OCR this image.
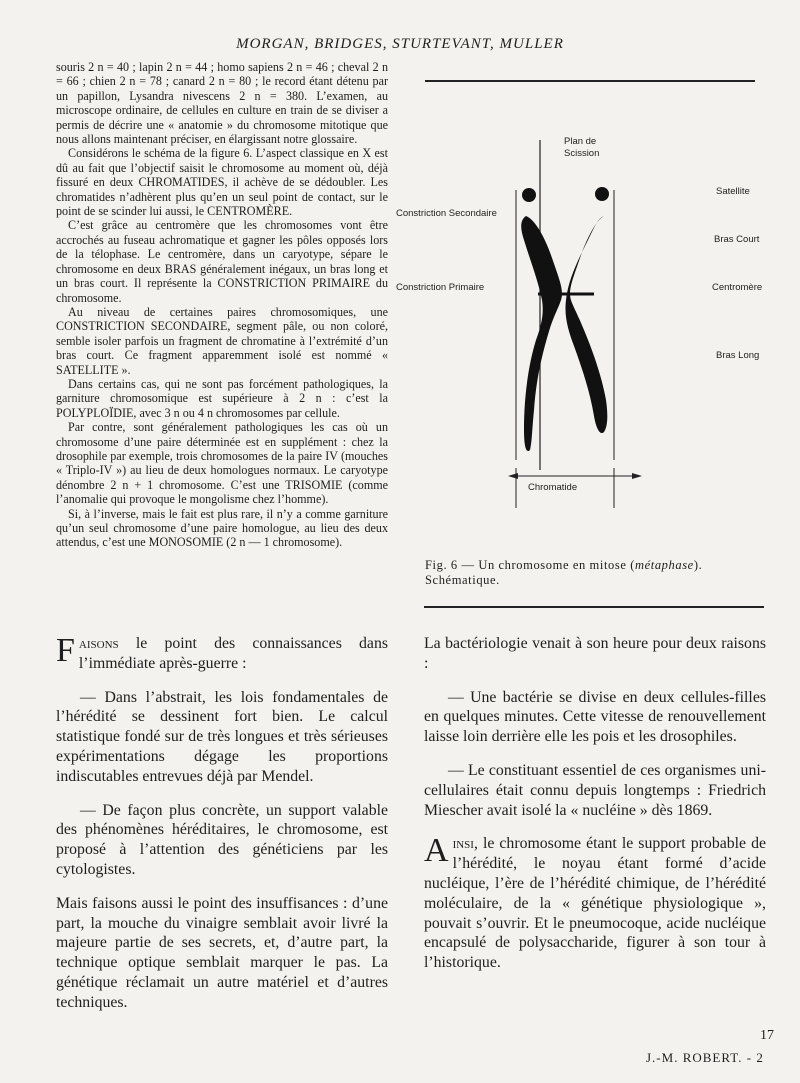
MORGAN, BRIDGES, STURTEVANT, MULLER

souris 2 n = 40 ; lapin 2 n = 44 ; homo sapiens 2 n = 46 ; cheval 2 n = 66 ; chien 2 n = 78 ; canard 2 n = 80 ; le record étant détenu par un papillon, Lysandra nivescens 2 n = 380. L’examen, au microscope ordinaire, de cellules en culture en train de se diviser a permis de décrire une « anatomie » du chromosome mitotique que nous allons maintenant préciser, en élargissant notre glossaire.

Considérons le schéma de la figure 6. L’aspect classique en X est dû au fait que l’objectif saisit le chromosome au moment où, déjà fissuré en deux CHROMATIDES, il achève de se dédoubler. Les chromatides n’adhèrent plus qu’en un seul point de contact, sur le point de se scinder lui aussi, le CENTROMÈRE.

C’est grâce au centromère que les chromosomes vont être accrochés au fuseau achromatique et gagner les pôles opposés lors de la télophase. Le centromère, dans un caryotype, sépare le chromosome en deux BRAS généralement inégaux, un bras long et un bras court. Il représente la CONSTRICTION PRIMAIRE du chromosome.

Au niveau de certaines paires chromosomiques, une CONSTRICTION SECONDAIRE, segment pâle, ou non coloré, semble isoler parfois un fragment de chromatine à l’extrémité d’un bras court. Ce fragment apparemment isolé est nommé « SATELLITE ».

Dans certains cas, qui ne sont pas forcément pathologiques, la garniture chromosomique est supérieure à 2 n : c’est la POLYPLOÏDIE, avec 3 n ou 4 n chromosomes par cellule.

Par contre, sont généralement pathologiques les cas où un chromosome d’une paire déterminée est en supplément : chez la drosophile par exemple, trois chromosomes de la paire IV (mouches « Triplo-IV ») au lieu de deux homologues normaux. Le caryotype dénombre 2 n + 1 chromosome. C’est une TRISOMIE (comme l’anomalie qui provoque le mongolisme chez l’homme).

Si, à l’inverse, mais le fait est plus rare, il n’y a comme garniture qu’un seul chromosome d’une paire homologue, au lieu des deux attendus, c’est une MONOSOMIE (2 n — 1 chromosome).

Plan de
Scission
Satellite
Bras Court
Centromère
Bras Long
Constriction Secondaire
Constriction Primaire
Chromatide
Fig. 6 — Un chromosome en mitose (métaphase).
Schématique.

Faisons le point des connaissances dans l’immédiate après-guerre :

— Dans l’abstrait, les lois fondamentales de l’hérédité se dessinent fort bien. Le calcul statistique fondé sur de très longues et très sérieuses expérimentations dégage les proportions indiscutables entrevues déjà par Mendel.

— De façon plus concrète, un support valable des phénomènes héréditaires, le chromosome, est proposé à l’attention des généticiens par les cytologistes.

Mais faisons aussi le point des insuffisances : d’une part, la mouche du vinaigre semblait avoir livré la majeure partie de ses secrets, et, d’autre part, la technique optique semblait marquer le pas. La génétique réclamait un autre matériel et d’autres techniques.

La bactériologie venait à son heure pour deux raisons :

— Une bactérie se divise en deux cellules-filles en quelques minutes. Cette vitesse de renouvellement laisse loin derrière elle les pois et les drosophiles.

— Le constituant essentiel de ces organismes uni-cellulaires était connu depuis longtemps : Friedrich Miescher avait isolé la « nucléine » dès 1869.

Ainsi, le chromosome étant le support probable de l’hérédité, le noyau étant formé d’acide nucléique, l’ère de l’hérédité chimique, de l’hérédité moléculaire, de la « génétique physiologique », pouvait s’ouvrir. Et le pneumocoque, acide nucléique encapsulé de polysaccharide, figurer à son tour à l’historique.

17
J.-M. ROBERT. - 2
